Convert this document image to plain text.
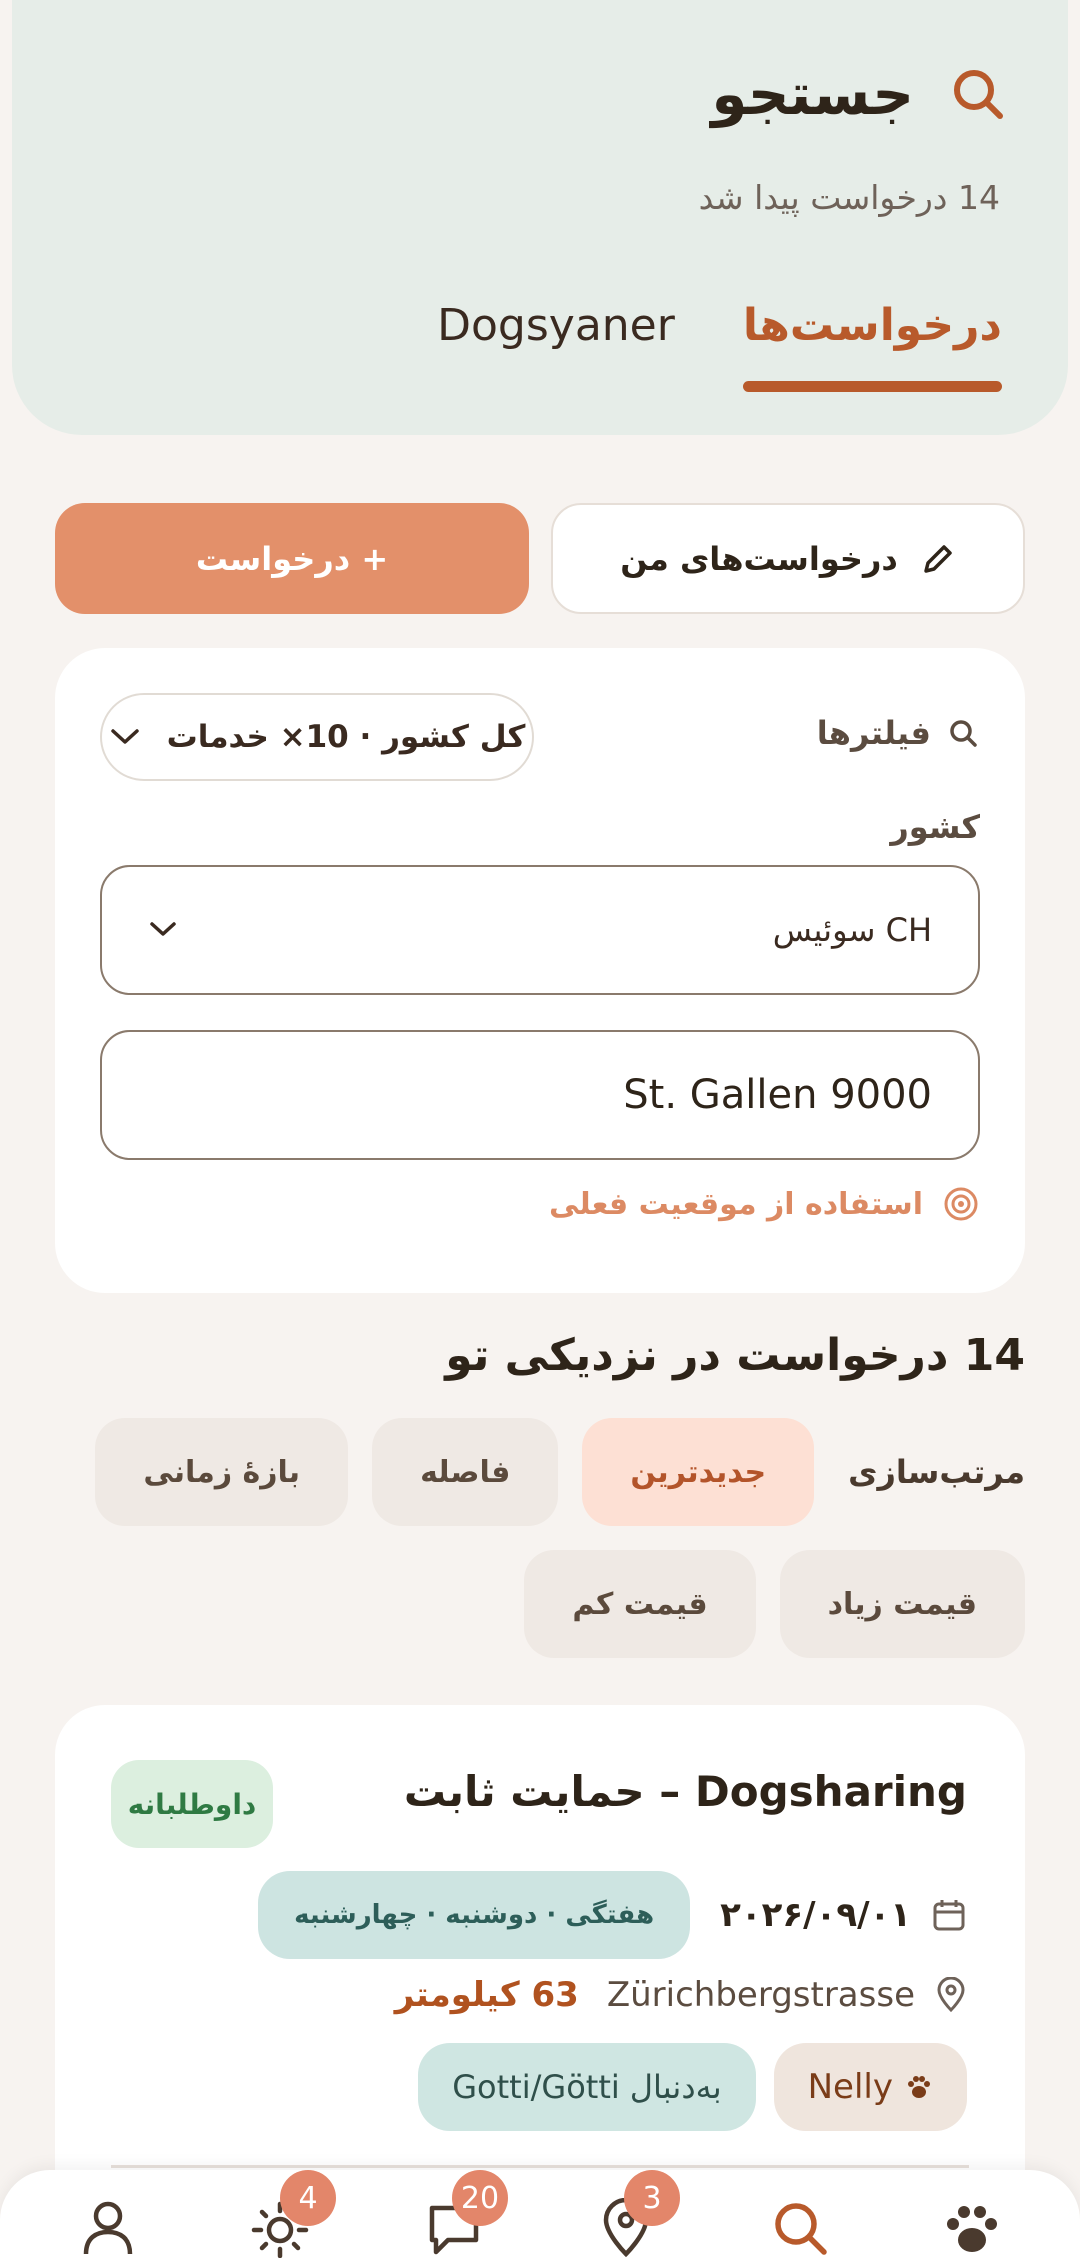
جستجو
14 درخواست پیدا شد
درخواست‌ها
Dogsyaner
+ درخواست	درخواست‌های من
فیلترها
کل کشور · 10× خدمات
کشور
CH سوئیس
St. Gallen 9000
استفاده از موقعیت فعلی
14 درخواست در نزدیکی تو
مرتب‌سازی
جدیدترین
فاصله
بازهٔ زمانی
قیمت زیاد
قیمت کم
Dogsharing – حمایت ثابت
داوطلبانه
۲۰۲۶/۰۹/۰۱
هفتگی · دوشنبه · چهارشنبه
Zürichbergstrasse
63 کیلومتر
Nelly
به‌دنبال
Gotti/Götti
4	20	3
